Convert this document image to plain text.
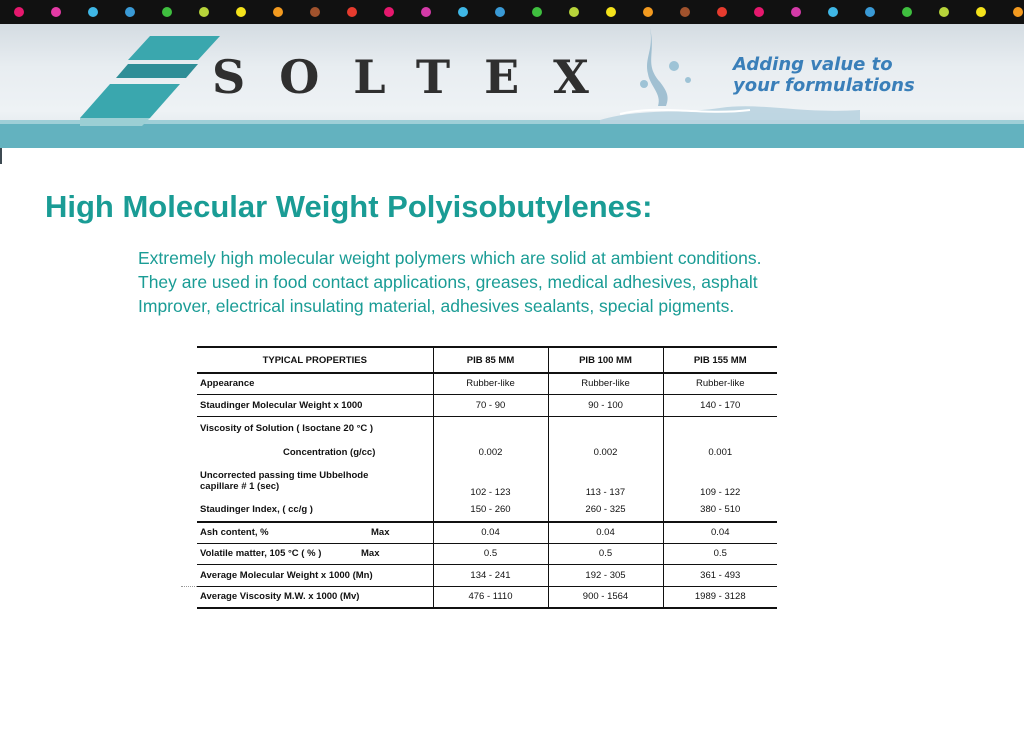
SOLTEX	Adding value to
your formulations
High Molecular Weight Polyisobutylenes:
Extremely high molecular weight polymers which are solid at ambient conditions.
They are used in food contact applications, greases, medical adhesives, asphalt
Improver, electrical insulating material, adhesives sealants, special pigments.
TYPICAL PROPERTIES	PIB 85 MM	PIB 100 MM	PIB 155 MM
Appearance	Rubber-like	Rubber-like	Rubber-like
Staudinger Molecular Weight x 1000	70 - 90	90 - 100	140 - 170
Viscosity of Solution ( Isoctane 20 °C )			
Concentration (g/cc)	0.002	0.002	0.001

Uncorrected passing time Ubbelhode
capillare # 1 (sec)	102 - 123	113 - 137	109 - 122
Staudinger Index, ( cc/g )	150 - 260	260 - 325	380 - 510
Ash content, % Max	0.04	0.04	0.04
Volatile matter, 105 °C ( % ) Max	0.5	0.5	0.5
Average Molecular Weight x 1000 (Mn)	134 - 241	192 - 305	361 - 493
Average Viscosity M.W. x 1000 (Mv)	476 - 1110	900 - 1564	1989 - 3128
